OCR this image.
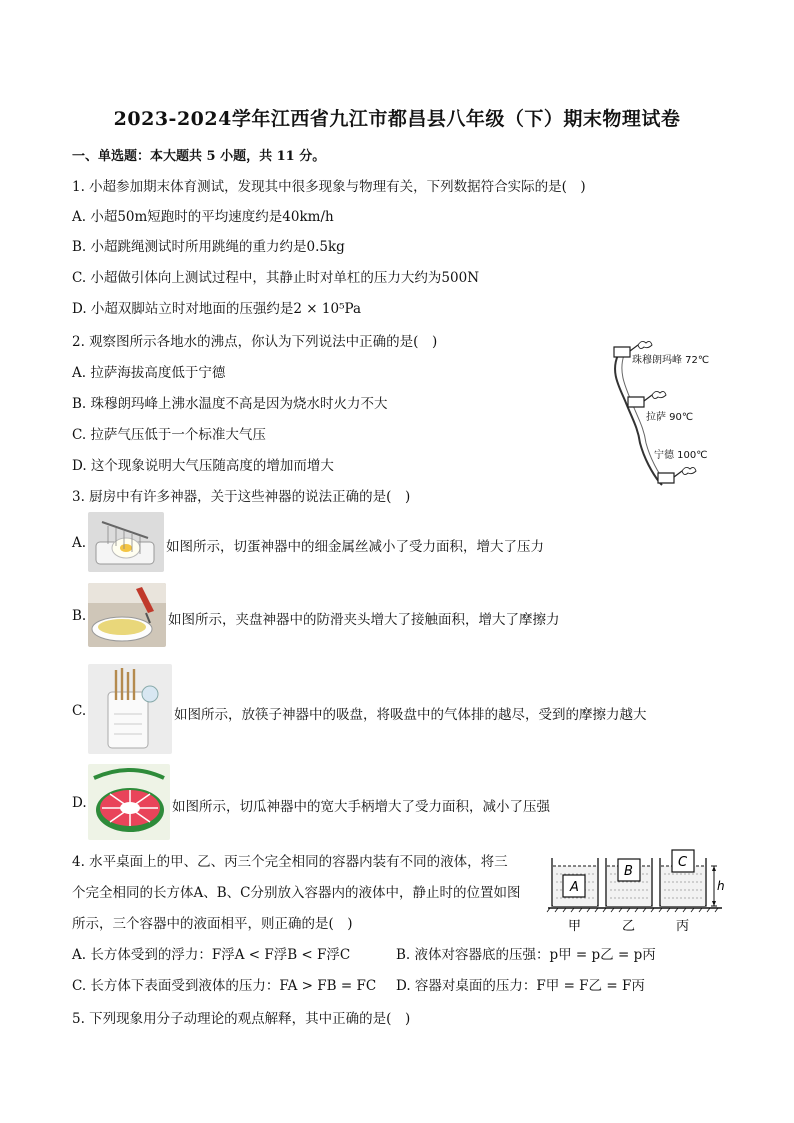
2023-2024学年江西省九江市都昌县八年级（下）期末物理试卷
一、单选题：本大题共 5 小题，共 11 分。
1. 小超参加期末体育测试，发现其中很多现象与物理有关，下列数据符合实际的是(　)
A. 小超50m短跑时的平均速度约是40km/h
B. 小超跳绳测试时所用跳绳的重力约是0.5kg
C. 小超做引体向上测试过程中，其静止时对单杠的压力大约为500N
D. 小超双脚站立时对地面的压强约是2 × 10⁵Pa
2. 观察图所示各地水的沸点，你认为下列说法中正确的是(　)
A. 拉萨海拔高度低于宁德
B. 珠穆朗玛峰上沸水温度不高是因为烧水时火力不大
C. 拉萨气压低于一个标准大气压
D. 这个现象说明大气压随高度的增加而增大
珠穆朗玛峰 72℃
拉萨 90℃
宁德 100℃
3. 厨房中有许多神器，关于这些神器的说法正确的是(　)
A.	如图所示，切蛋神器中的细金属丝减小了受力面积，增大了压力
B.	如图所示，夹盘神器中的防滑夹头增大了接触面积，增大了摩擦力
C.	如图所示，放筷子神器中的吸盘，将吸盘中的气体排的越尽，受到的摩擦力越大
D.	如图所示，切瓜神器中的宽大手柄增大了受力面积，减小了压强
4. 水平桌面上的甲、乙、丙三个完全相同的容器内装有不同的液体，将三
个完全相同的长方体A、B、C分别放入容器内的液体中，静止时的位置如图
所示，三个容器中的液面相平，则正确的是(　)
A
B
C
h
甲	乙	丙
A. 长方体受到的浮力：F浮A < F浮B < F浮C	B. 液体对容器底的压强：p甲 = p乙 = p丙
C. 长方体下表面受到液体的压力：FA > FB = FC D. 容器对桌面的压力：F甲 = F乙 = F丙
5. 下列现象用分子动理论的观点解释，其中正确的是(　)
